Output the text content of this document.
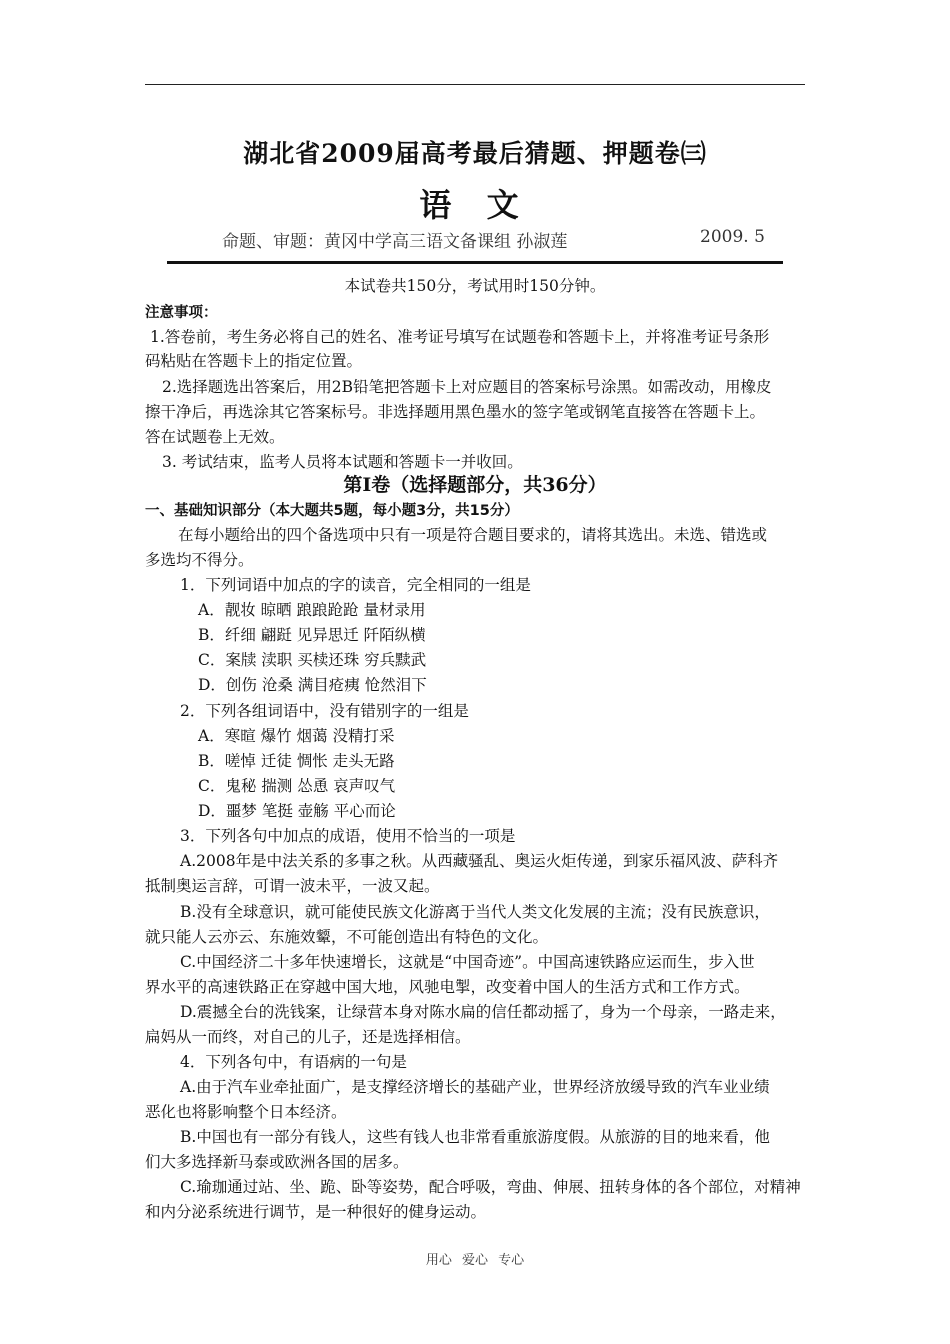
湖北省2009届高考最后猜题、押题卷㈢
语 文
命题、审题：黄冈中学高三语文备课组 孙淑莲	2009. 5
本试卷共150分，考试用时150分钟。
注意事项：
1.答卷前，考生务必将自己的姓名、准考证号填写在试题卷和答题卡上，并将准考证号条形
码粘贴在答题卡上的指定位置。
2.选择题选出答案后，用2B铅笔把答题卡上对应题目的答案标号涂黑。如需改动，用橡皮
擦干净后，再选涂其它答案标号。非选择题用黑色墨水的签字笔或钢笔直接答在答题卡上。
答在试题卷上无效。
3. 考试结束，监考人员将本试题和答题卡一并收回。
第Ⅰ卷（选择题部分，共36分）
一、基础知识部分（本大题共5题，每小题3分，共15分）
在每小题给出的四个备选项中只有一项是符合题目要求的，请将其选出。未选、错选或
多选均不得分。
1．下列词语中加点的字的读音，完全相同的一组是
A．靓妆 晾晒 踉踉跄跄 量材录用
B．纤细 翩跹 见异思迁 阡陌纵横
C．案牍 渎职 买椟还珠 穷兵黩武
D．创伤 沧桑 满目疮痍 怆然泪下
2．下列各组词语中，没有错别字的一组是
A．寒暄 爆竹 烟蔼 没精打采
B．嗟悼 迁徒 惆怅 走头无路
C．鬼秘 揣测 怂恿 哀声叹气
D．噩梦 笔挺 壶觞 平心而论
3．下列各句中加点的成语，使用不恰当的一项是
A.2008年是中法关系的多事之秋。从西藏骚乱、奥运火炬传递，到家乐福风波、萨科齐
抵制奥运言辞，可谓一波未平，一波又起。
B.没有全球意识，就可能使民族文化游离于当代人类文化发展的主流；没有民族意识，
就只能人云亦云、东施效颦，不可能创造出有特色的文化。
C.中国经济二十多年快速增长，这就是“中国奇迹”。中国高速铁路应运而生，步入世
界水平的高速铁路正在穿越中国大地，风驰电掣，改变着中国人的生活方式和工作方式。
D.震撼全台的洗钱案，让绿营本身对陈水扁的信任都动摇了，身为一个母亲，一路走来，
扁妈从一而终，对自己的儿子，还是选择相信。
4．下列各句中，有语病的一句是
A.由于汽车业牵扯面广，是支撑经济增长的基础产业，世界经济放缓导致的汽车业业绩
恶化也将影响整个日本经济。
B.中国也有一部分有钱人，这些有钱人也非常看重旅游度假。从旅游的目的地来看，他
们大多选择新马泰或欧洲各国的居多。
C.瑜珈通过站、坐、跪、卧等姿势，配合呼吸，弯曲、伸展、扭转身体的各个部位，对精神
和内分泌系统进行调节，是一种很好的健身运动。
用心 爱心 专心
